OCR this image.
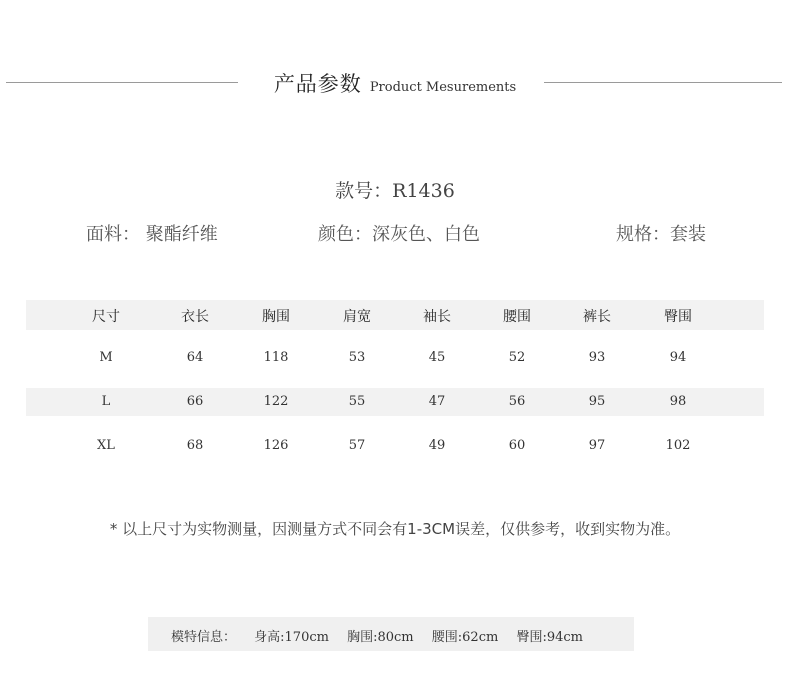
产品参数 Product Mesurements
款号：R1436
面料： 聚酯纤维	颜色：深灰色、白色	规格：套装
尺寸	衣长	胸围	肩宽	袖长	腰围	裤长	臀围
M	64	118	53	45	52	93	94
L	66	122	55	47	56	95	98
XL	68	126	57	49	60	97	102
* 以上尺寸为实物测量，因测量方式不同会有1-3CM误差，仅供参考，收到实物为准。
模特信息： 身高:170cm 胸围:80cm 腰围:62cm 臀围:94cm
